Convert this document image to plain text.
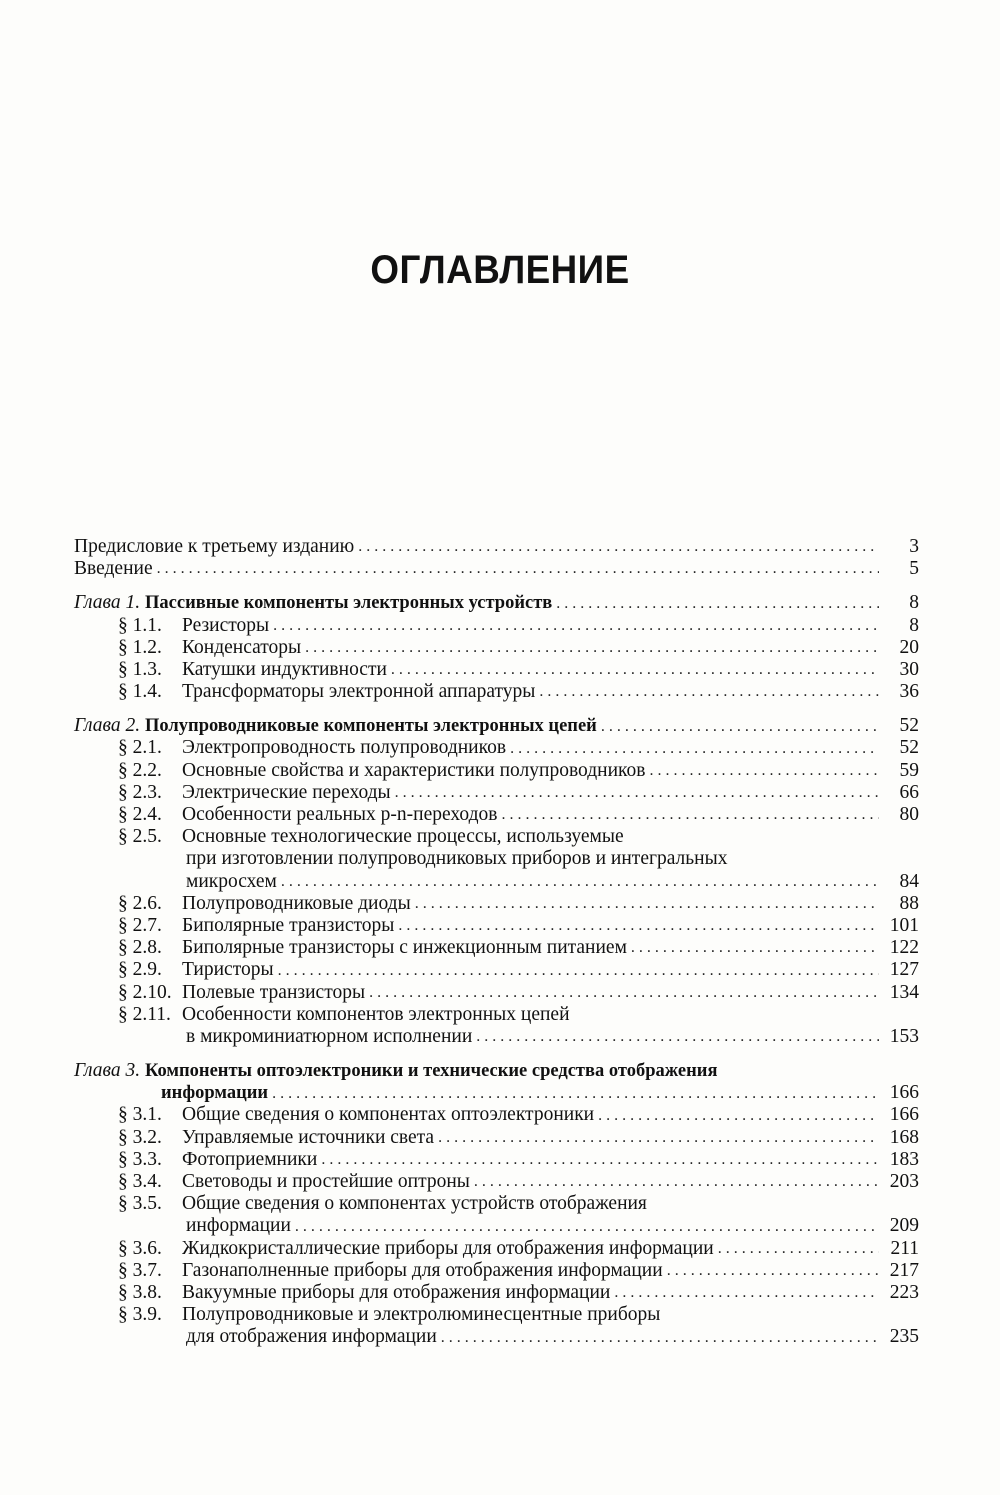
ОГЛАВЛЕНИЕ
Предисловие к третьему изданию . . .	3
Введение . . .	5
Глава 1. Пассивные компоненты электронных устройств . . .	8
§ 1.1. Резисторы . . .	8
§ 1.2. Конденсаторы . . .	20
§ 1.3. Катушки индуктивности . . .	30
§ 1.4. Трансформаторы электронной аппаратуры . . .	36
Глава 2. Полупроводниковые компоненты электронных цепей . . .	52
§ 2.1. Электропроводность полупроводников . . .	52
§ 2.2. Основные свойства и характеристики полупроводников . . .	59
§ 2.3. Электрические переходы . . .	66
§ 2.4. Особенности реальных p-n-переходов . . .	80
§ 2.5. Основные технологические процессы, используемые
при изготовлении полупроводниковых приборов и интегральных
микросхем . . .	84
§ 2.6. Полупроводниковые диоды . . .	88
§ 2.7. Биполярные транзисторы . . .	101
§ 2.8. Биполярные транзисторы с инжекционным питанием . . .	122
§ 2.9. Тиристоры . . .	127
§ 2.10. Полевые транзисторы . . .	134
§ 2.11. Особенности компонентов электронных цепей
в микроминиатюрном исполнении . . .	153
Глава 3. Компоненты оптоэлектроники и технические средства отображения
информации . . .	166
§ 3.1. Общие сведения о компонентах оптоэлектроники . . .	166
§ 3.2. Управляемые источники света . . .	168
§ 3.3. Фотоприемники . . .	183
§ 3.4. Световоды и простейшие оптроны . . .	203
§ 3.5. Общие сведения о компонентах устройств отображения
информации . . .	209
§ 3.6. Жидкокристаллические приборы для отображения информации . . .	211
§ 3.7. Газонаполненные приборы для отображения информации . . .	217
§ 3.8. Вакуумные приборы для отображения информации . . .	223
§ 3.9. Полупроводниковые и электролюминесцентные приборы
для отображения информации . . .	235
